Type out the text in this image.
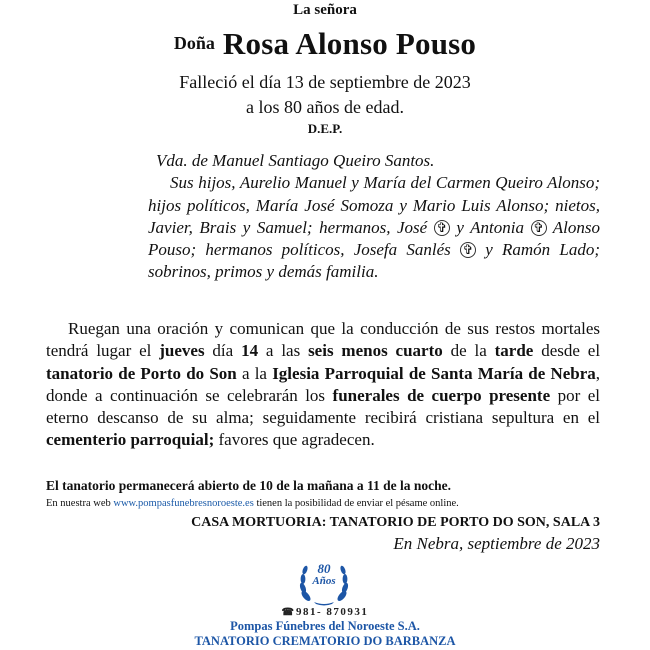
La señora
Doña Rosa Alonso Pouso
Falleció el día 13 de septiembre de 2023
a los 80 años de edad.
D.E.P.
Vda. de Manuel Santiago Queiro Santos.
Sus hijos, Aurelio Manuel y María del Carmen Queiro Alonso; hijos políticos, María José Somoza y Mario Luis Alonso; nietos, Javier, Brais y Samuel; hermanos, José ✞ y Antonia ✞ Alonso Pouso; hermanos políticos, Josefa Sanlés ✞ y Ramón Lado; sobrinos, primos y demás familia.
Ruegan una oración y comunican que la conducción de sus restos mortales tendrá lugar el jueves día 14 a las seis menos cuarto de la tarde desde el tanatorio de Porto do Son a la Iglesia Parroquial de Santa María de Nebra, donde a continuación se celebrarán los funerales de cuerpo presente por el eterno descanso de su alma; seguidamente recibirá cristiana sepultura en el cementerio parroquial; favores que agradecen.
El tanatorio permanecerá abierto de 10 de la mañana a 11 de la noche.
En nuestra web www.pompasfunebresnoroeste.es tienen la posibilidad de enviar el pésame online.
CASA MORTUORIA: TANATORIO DE PORTO DO SON, SALA 3
En Nebra, septiembre de 2023
80
Años
☎ 981- 870931
Pompas Fúnebres del Noroeste S.A.
TANATORIO CREMATORIO DO BARBANZA
